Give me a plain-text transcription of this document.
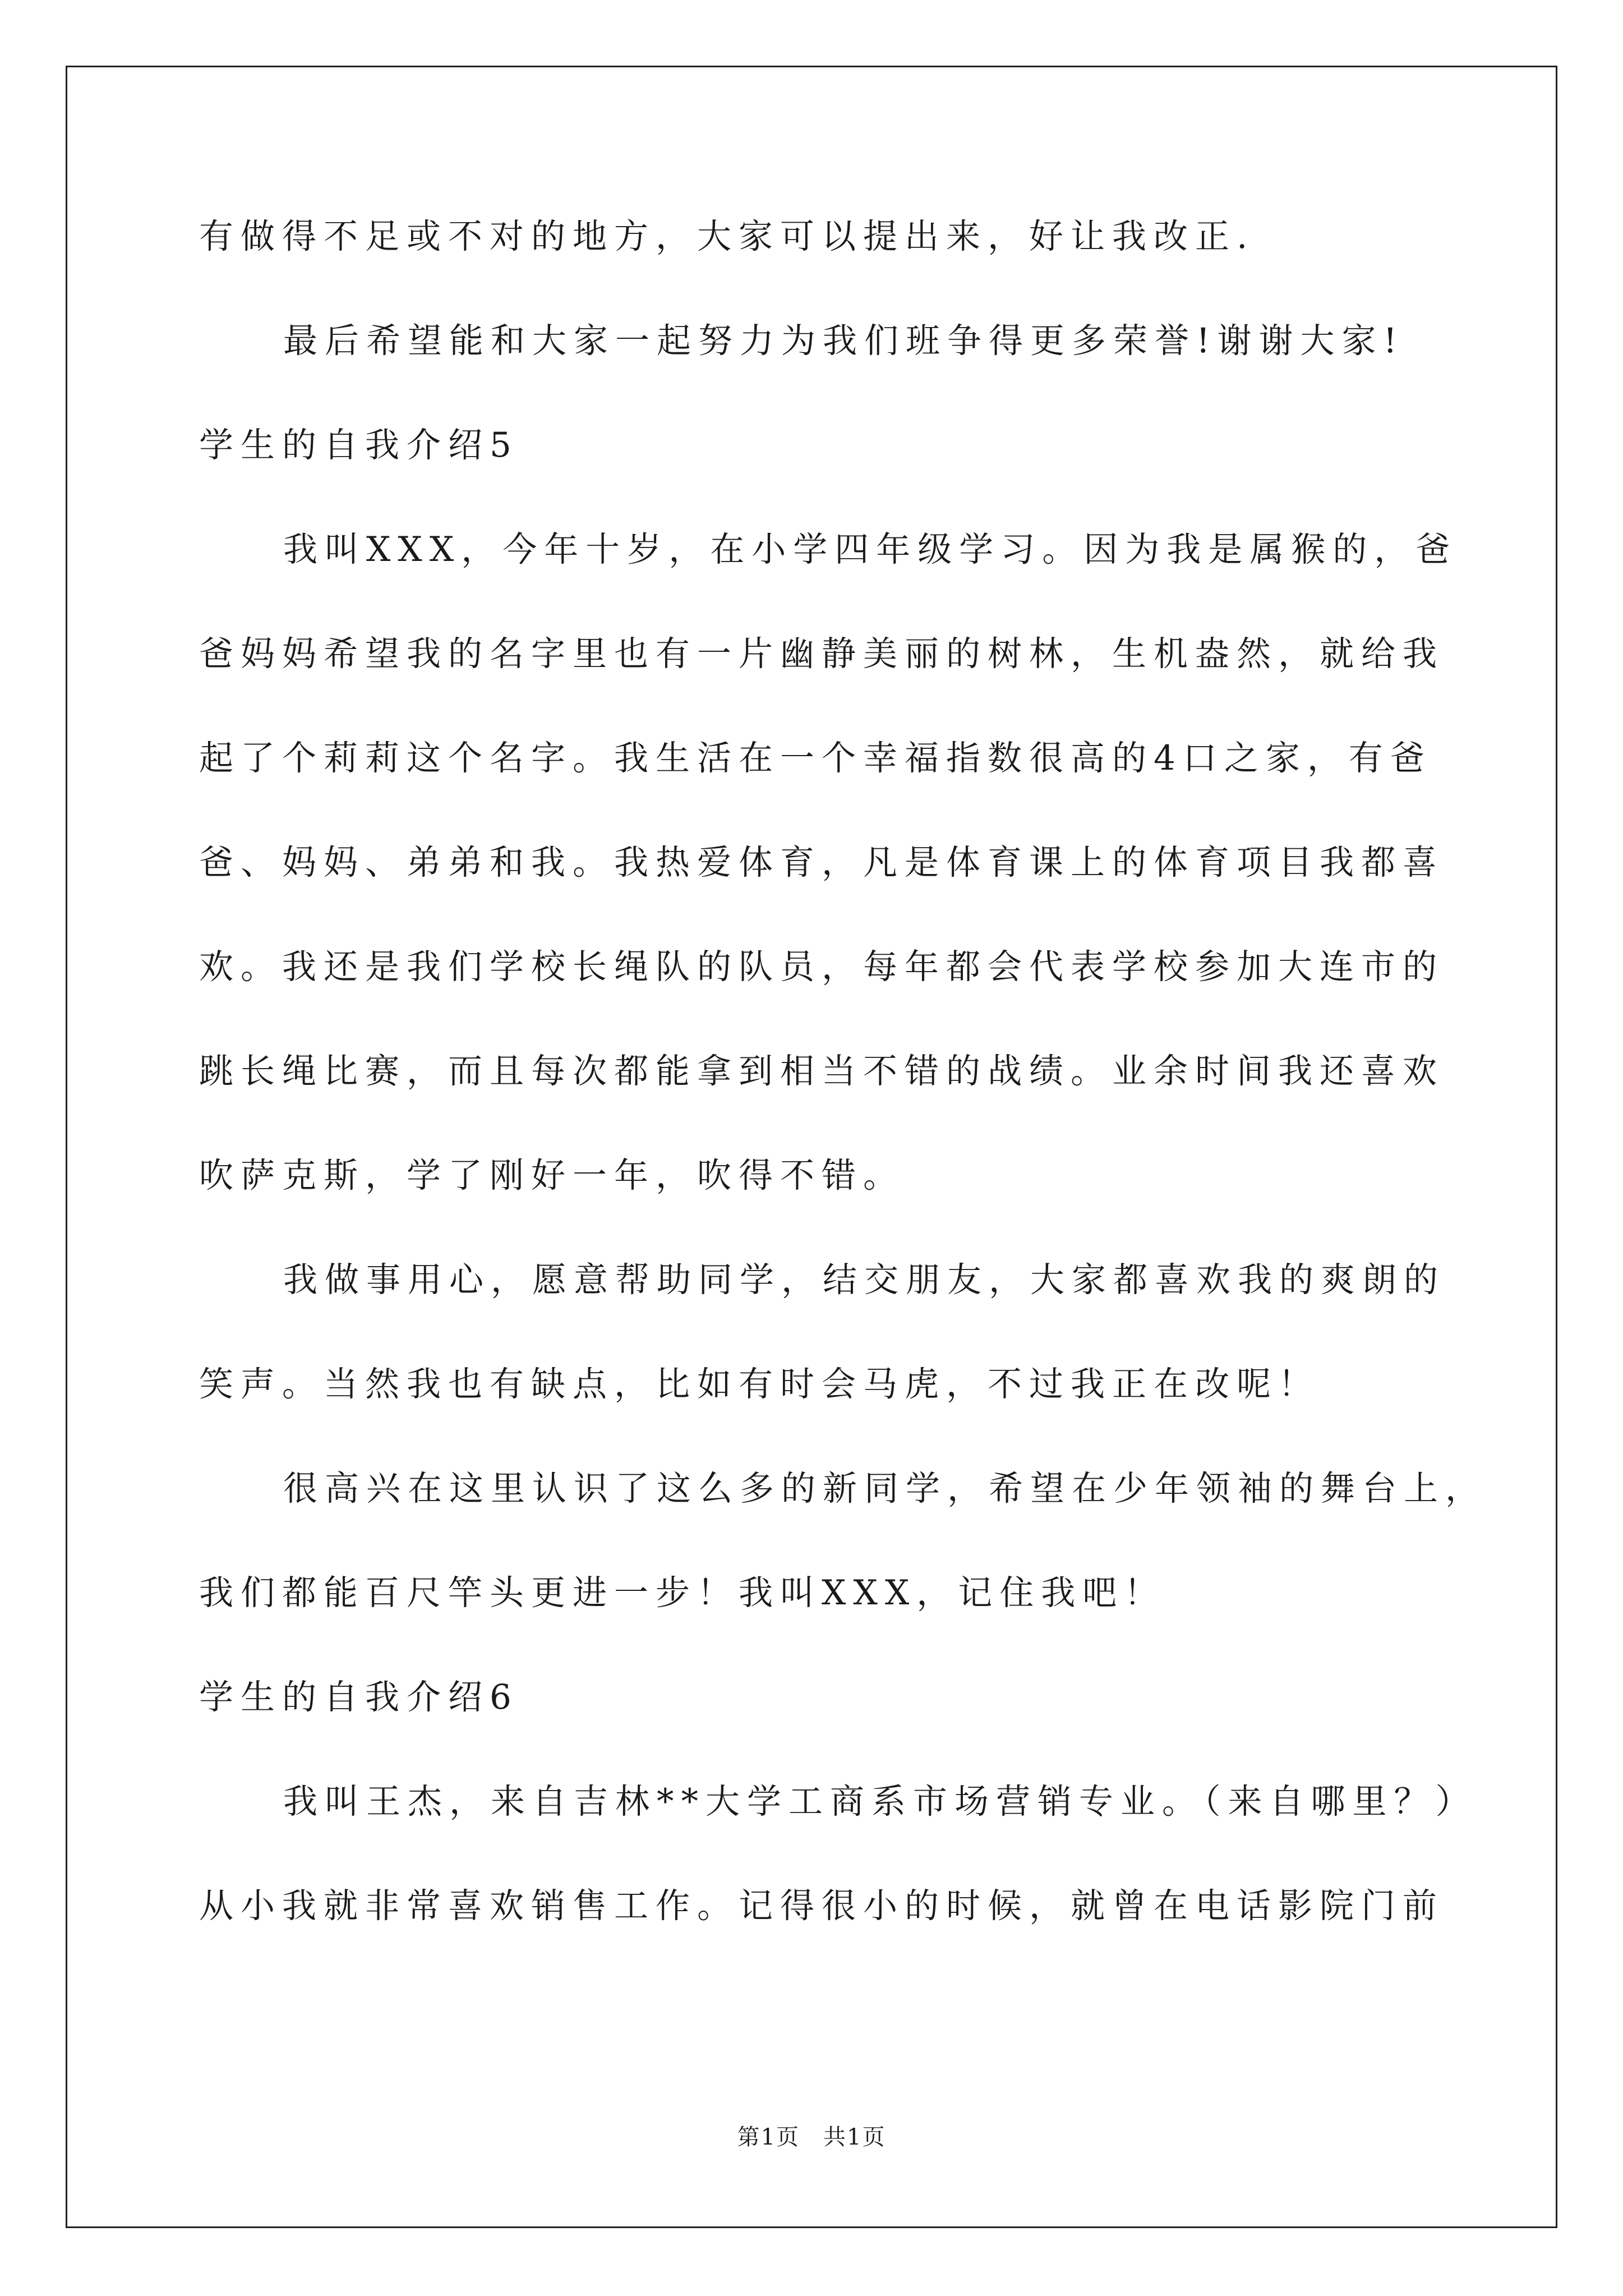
有做得不足或不对的地方，大家可以提出来，好让我改正.
最后希望能和大家一起努力为我们班争得更多荣誉!谢谢大家!
学生的自我介绍5
我叫XXX，今年十岁，在小学四年级学习。因为我是属猴的，爸
爸妈妈希望我的名字里也有一片幽静美丽的树林，生机盎然，就给我
起了个莉莉这个名字。我生活在一个幸福指数很高的4口之家，有爸
爸、妈妈、弟弟和我。我热爱体育，凡是体育课上的体育项目我都喜
欢。我还是我们学校长绳队的队员，每年都会代表学校参加大连市的
跳长绳比赛，而且每次都能拿到相当不错的战绩。业余时间我还喜欢
吹萨克斯，学了刚好一年，吹得不错。
我做事用心，愿意帮助同学，结交朋友，大家都喜欢我的爽朗的
笑声。当然我也有缺点，比如有时会马虎，不过我正在改呢！
很高兴在这里认识了这么多的新同学，希望在少年领袖的舞台上，
我们都能百尺竿头更进一步！我叫XXX，记住我吧！
学生的自我介绍6
我叫王杰，来自吉林**大学工商系市场营销专业。（来自哪里？）
从小我就非常喜欢销售工作。记得很小的时候，就曾在电话影院门前
第1页　共1页
